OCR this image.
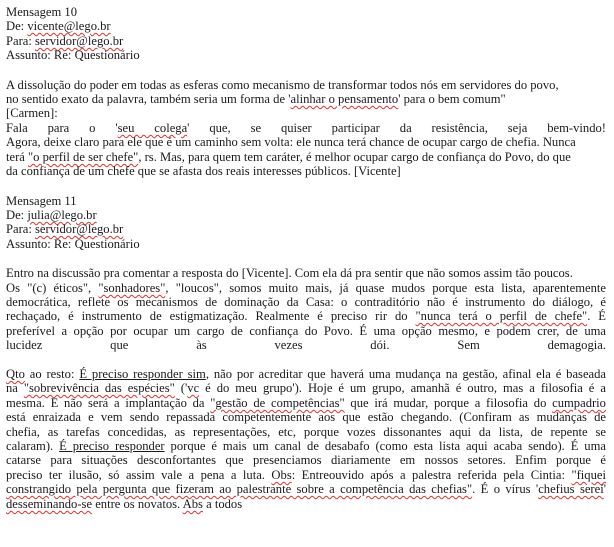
Mensagem 10
De: vicente@lego.br
Para: servidor@lego.br
Assunto: Re: Questionário
A dissolução do poder em todas as esferas como mecanismo de transformar todos nós em servidores do povo,
no sentido exato da palavra, também seria um forma de 'alinhar o pensamento' para o bem comum"
[Carmen]:
Fala para o 'seu colega' que, se quiser participar da resistência, seja bem-vindo!
Agora, deixe claro para ele que é um caminho sem volta: ele nunca terá chance de ocupar cargo de chefia. Nunca
terá "o perfil de ser chefe", rs. Mas, para quem tem caráter, é melhor ocupar cargo de confiança do Povo, do que
da confiança de um chefe que se afasta dos reais interesses públicos. [Vicente]
Mensagem 11
De: julia@lego.br
Para: servidor@lego.br
Assunto: Re: Questionário
Entro na discussão pra comentar a resposta do [Vicente]. Com ela dá pra sentir que não somos assim tão poucos.
Os "(c) éticos", "sonhadores", "loucos", somos muito mais, já quase mudos porque esta lista, aparentemente
democrática, reflete os mecanismos de dominação da Casa: o contraditório não é instrumento do diálogo, é
rechaçado, é instrumento de estigmatização. Realmente é preciso rir do "nunca terá o perfil de chefe". É
preferível a opção por ocupar um cargo de confiança do Povo. É uma opção mesmo, e podem crer, de uma
lucidez que às vezes dói. Sem demagogia.
Qto ao resto: É preciso responder sim, não por acreditar que haverá uma mudança na gestão, afinal ela é baseada
na "sobrevivência das espécies" ('vc é do meu grupo'). Hoje é um grupo, amanhã é outro, mas a filosofia é a
mesma. E não será a implantação da "gestão de competências" que irá mudar, porque a filosofia do cumpadrio
está enraizada e vem sendo repassada competentemente aos que estão chegando. (Confiram as mudanças de
chefia, as tarefas concedidas, as representações, etc, porque vozes dissonantes aqui da lista, de repente se
calaram). É preciso responder porque é mais um canal de desabafo (como esta lista aqui acaba sendo). É uma
catarse para situações desconfortantes que presenciamos diariamente em nossos setores. Enfim porque é
preciso ter ilusão, só assim vale a pena a luta. Obs: Entreouvido após a palestra referida pela Cintia: "fiquei
constrangido pela pergunta que fizeram ao palestrante sobre a competência das chefias". É o vírus 'chefius sereí'
desseminando-se entre os novatos. Abs a todos
